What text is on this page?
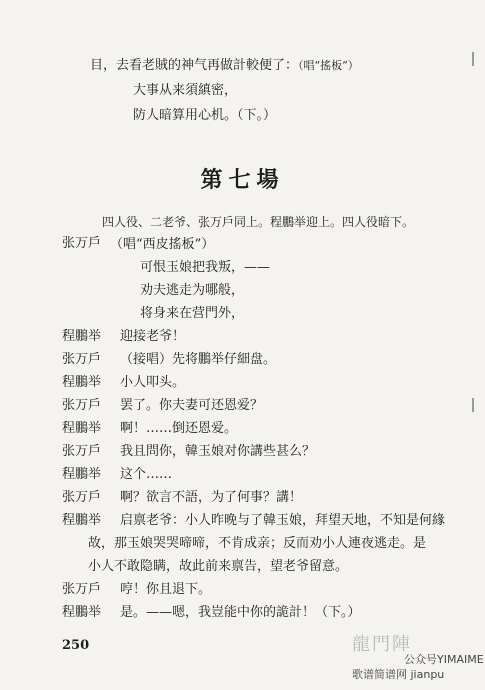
目，去看老賊的神气再做計較便了：（唱“搖板”）
大事从来須縝密，
防人暗算用心机。（下。）
第七場
四人役、二老爷、张万戶同上。程鵬举迎上。四人役暗下。
张万戶 （唱“西皮搖板”）
可恨玉娘把我叛，——
劝夫逃走为哪般，
将身来在营門外，
程鵬举 迎接老爷！
张万戶 （接唱）先将鵬举仔細盘。
程鵬举 小人叩头。
张万戶 罢了。你夫妻可还恩爱？
程鵬举 啊！……倒还恩爱。
张万戶 我且問你，韓玉娘对你講些甚么？
程鵬举 这个……
张万戶 啊？欲言不語，为了何事？講！
程鵬举 启禀老爷：小人昨晚与了韓玉娘，拜望天地，不知是何緣
故，那玉娘哭哭啼啼，不肯成亲；反而劝小人連夜逃走。是
小人不敢隐瞒，故此前来禀告，望老爷留意。
张万戶 哼！你且退下。
程鵬举 是。——嗯，我豈能中你的詭計！（下。）
250	龍門陣
公众号YIMAIME
歌谱简谱网 jianpu
